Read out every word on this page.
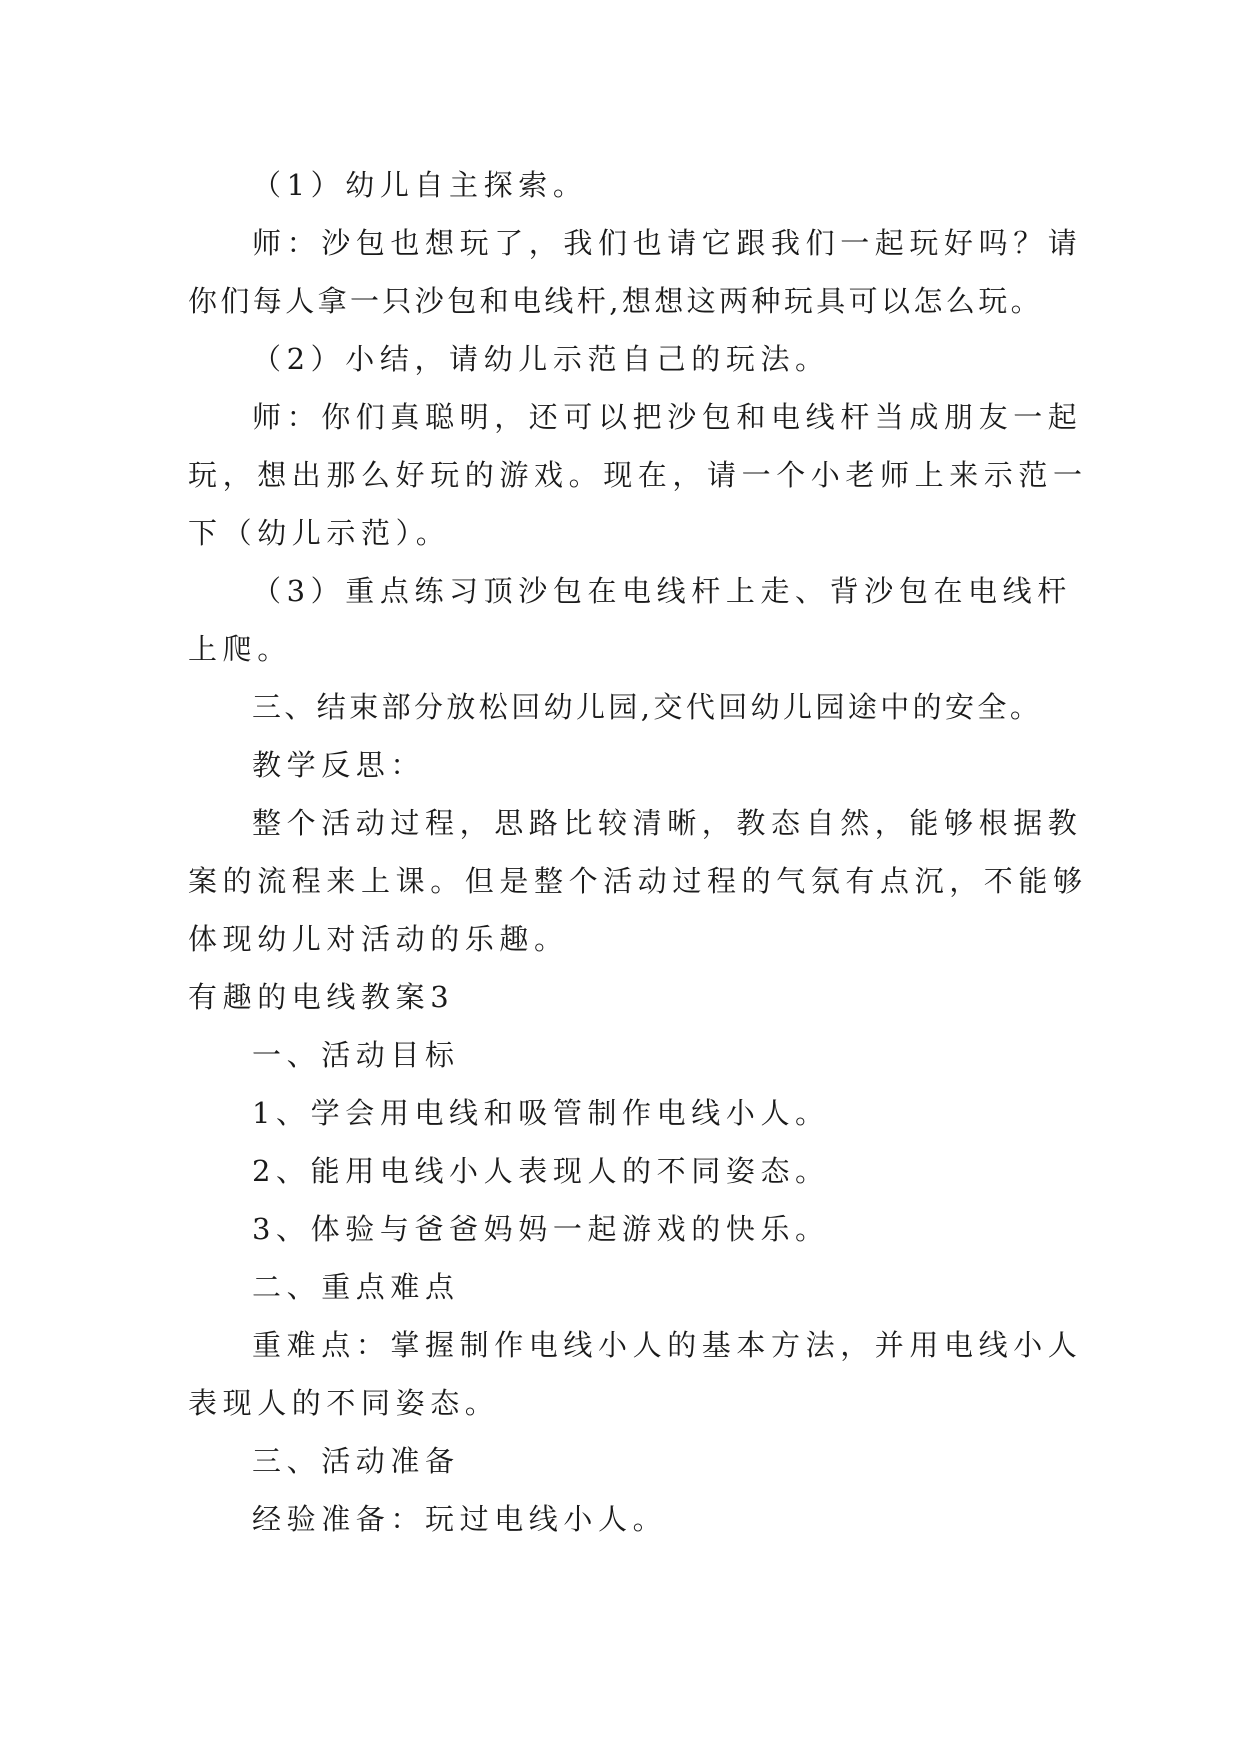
（1）幼儿自主探索。
师：沙包也想玩了，我们也请它跟我们一起玩好吗？请
你们每人拿一只沙包和电线杆,想想这两种玩具可以怎么玩。
（2）小结，请幼儿示范自己的玩法。
师：你们真聪明，还可以把沙包和电线杆当成朋友一起
玩，想出那么好玩的游戏。现在，请一个小老师上来示范一
下（幼儿示范）。
（3）重点练习顶沙包在电线杆上走、背沙包在电线杆
上爬。
三、结束部分放松回幼儿园,交代回幼儿园途中的安全。
教学反思：
整个活动过程，思路比较清晰，教态自然，能够根据教
案的流程来上课。但是整个活动过程的气氛有点沉，不能够
体现幼儿对活动的乐趣。
有趣的电线教案3
一、活动目标
1、学会用电线和吸管制作电线小人。
2、能用电线小人表现人的不同姿态。
3、体验与爸爸妈妈一起游戏的快乐。
二、重点难点
重难点：掌握制作电线小人的基本方法，并用电线小人
表现人的不同姿态。
三、活动准备
经验准备：玩过电线小人。
